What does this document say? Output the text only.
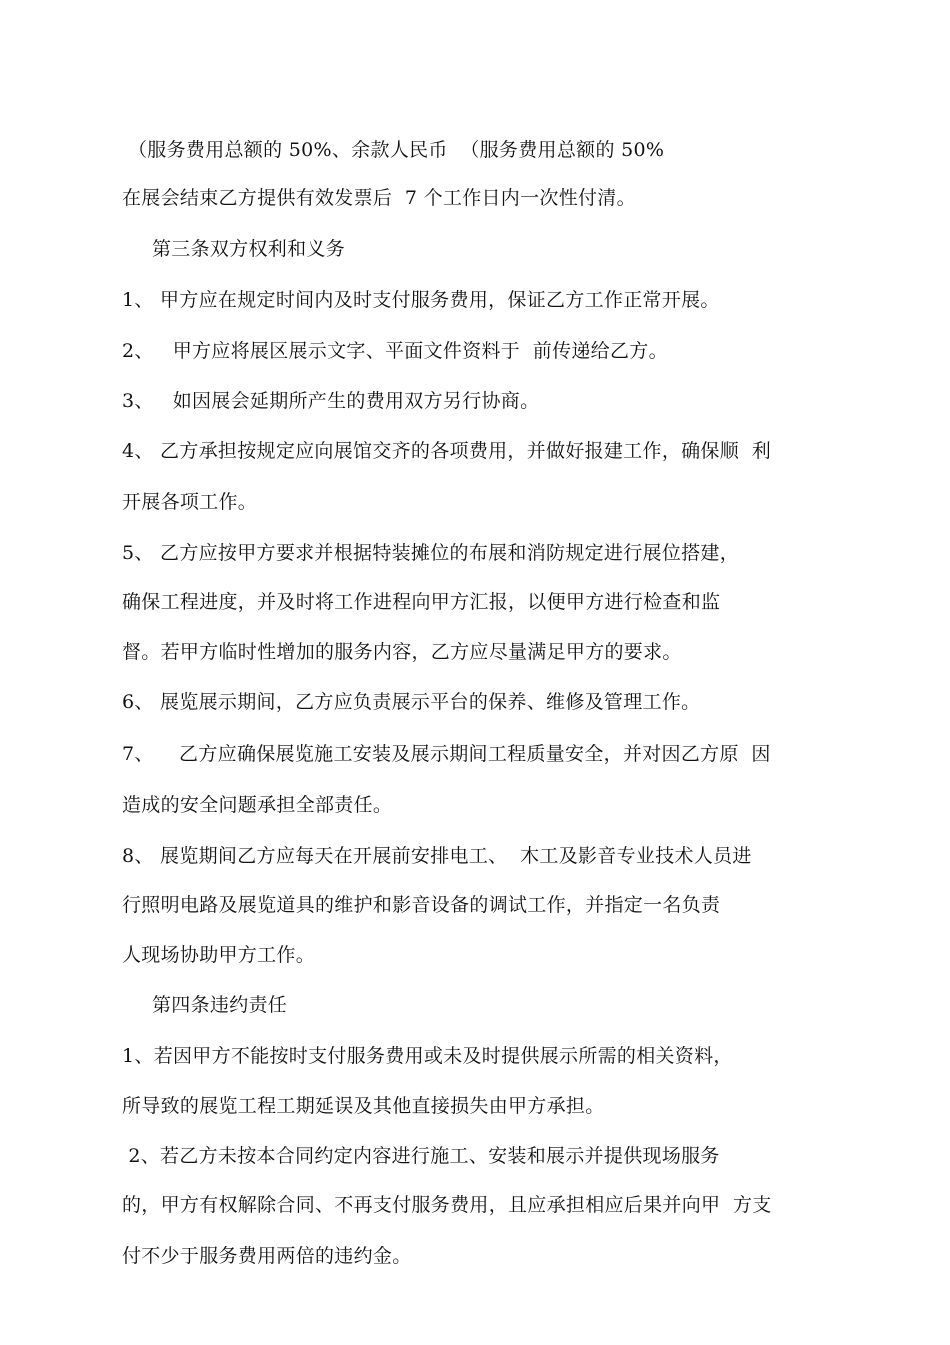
（服务费用总额的 50%、余款人民币  （服务费用总额的 50%
在展会结束乙方提供有效发票后  7 个工作日内一次性付清。
第三条双方权利和义务
1、 甲方应在规定时间内及时支付服务费用，保证乙方工作正常开展。
2、   甲方应将展区展示文字、平面文件资料于  前传递给乙方。
3、   如因展会延期所产生的费用双方另行协商。
4、 乙方承担按规定应向展馆交齐的各项费用，并做好报建工作，确保顺  利
开展各项工作。
5、 乙方应按甲方要求并根据特装摊位的布展和消防规定进行展位搭建，
确保工程进度，并及时将工作进程向甲方汇报，以便甲方进行检查和监
督。若甲方临时性增加的服务内容，乙方应尽量满足甲方的要求。
6、 展览展示期间，乙方应负责展示平台的保养、维修及管理工作。
7、    乙方应确保展览施工安装及展示期间工程质量安全，并对因乙方原  因
造成的安全问题承担全部责任。
8、 展览期间乙方应每天在开展前安排电工、  木工及影音专业技术人员进
行照明电路及展览道具的维护和影音设备的调试工作，并指定一名负责
人现场协助甲方工作。
第四条违约责任
1、若因甲方不能按时支付服务费用或未及时提供展示所需的相关资料，
所导致的展览工程工期延误及其他直接损失由甲方承担。
2、若乙方未按本合同约定内容进行施工、安装和展示并提供现场服务
的，甲方有权解除合同、不再支付服务费用，且应承担相应后果并向甲  方支
付不少于服务费用两倍的违约金。
